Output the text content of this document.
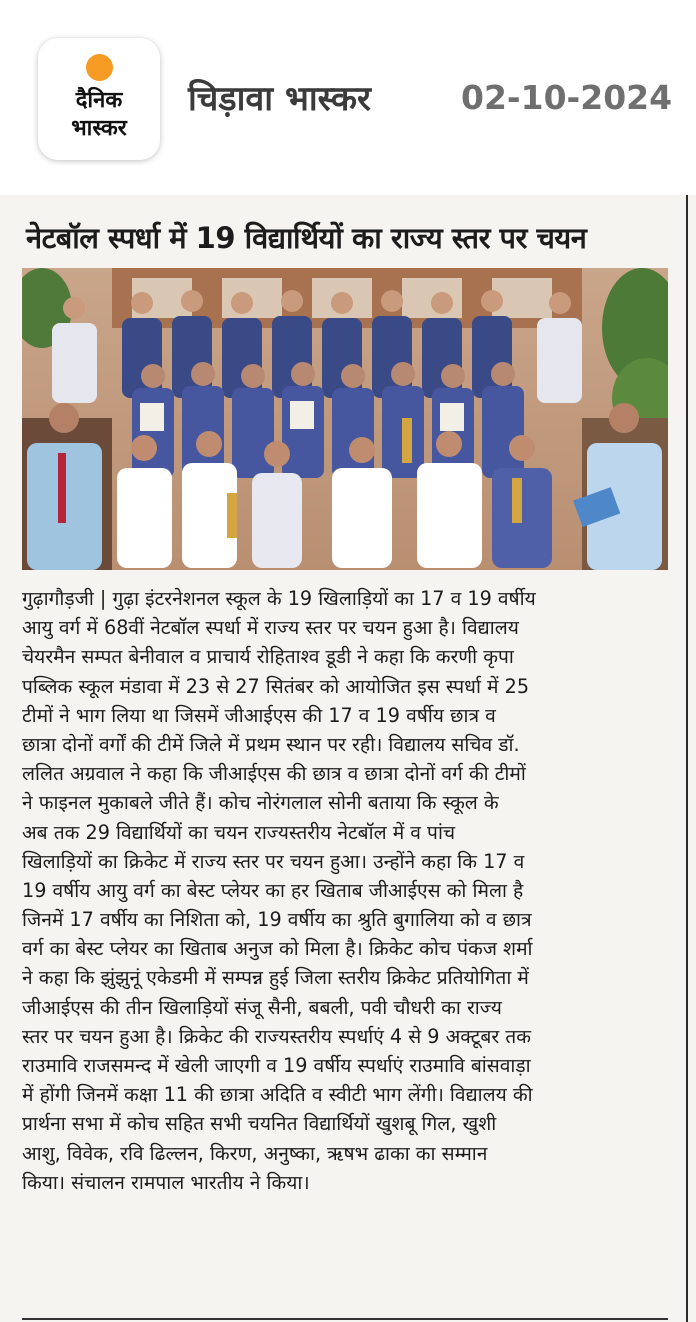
दैनिक
भास्कर
चिड़ावा भास्कर	02-10-2024
नेटबॉल स्पर्धा में 19 विद्यार्थियों का राज्य स्तर पर चयन
गुढ़ागौड़जी | गुढ़ा इंटरनेशनल स्कूल के 19 खिलाड़ियों का 17 व 19 वर्षीय
आयु वर्ग में 68वीं नेटबॉल स्पर्धा में राज्य स्तर पर चयन हुआ है। विद्यालय
चेयरमैन सम्पत बेनीवाल व प्राचार्य रोहिताश्व डूडी ने कहा कि करणी कृपा
पब्लिक स्कूल मंडावा में 23 से 27 सितंबर को आयोजित इस स्पर्धा में 25
टीमों ने भाग लिया था जिसमें जीआईएस की 17 व 19 वर्षीय छात्र व
छात्रा दोनों वर्गों की टीमें जिले में प्रथम स्थान पर रही। विद्यालय सचिव डॉ.
ललित अग्रवाल ने कहा कि जीआईएस की छात्र व छात्रा दोनों वर्ग की टीमों
ने फाइनल मुकाबले जीते हैं। कोच नोरंगलाल सोनी बताया कि स्कूल के
अब तक 29 विद्यार्थियों का चयन राज्यस्तरीय नेटबॉल में व पांच
खिलाड़ियों का क्रिकेट में राज्य स्तर पर चयन हुआ। उन्होंने कहा कि 17 व
19 वर्षीय आयु वर्ग का बेस्ट प्लेयर का हर खिताब जीआईएस को मिला है
जिनमें 17 वर्षीय का निशिता को, 19 वर्षीय का श्रुति बुगालिया को व छात्र
वर्ग का बेस्ट प्लेयर का खिताब अनुज को मिला है। क्रिकेट कोच पंकज शर्मा
ने कहा कि झुंझुनूं एकेडमी में सम्पन्न हुई जिला स्तरीय क्रिकेट प्रतियोगिता में
जीआईएस की तीन खिलाड़ियों संजू सैनी, बबली, पवी चौधरी का राज्य
स्तर पर चयन हुआ है। क्रिकेट की राज्यस्तरीय स्पर्धाएं 4 से 9 अक्टूबर तक
राउमावि राजसमन्द में खेली जाएगी व 19 वर्षीय स्पर्धाएं राउमावि बांसवाड़ा
में होंगी जिनमें कक्षा 11 की छात्रा अदिति व स्वीटी भाग लेंगी। विद्यालय की
प्रार्थना सभा में कोच सहित सभी चयनित विद्यार्थियों खुशबू गिल, खुशी
आशु, विवेक, रवि ढिल्लन, किरण, अनुष्का, ऋषभ ढाका का सम्मान
किया। संचालन रामपाल भारतीय ने किया।
